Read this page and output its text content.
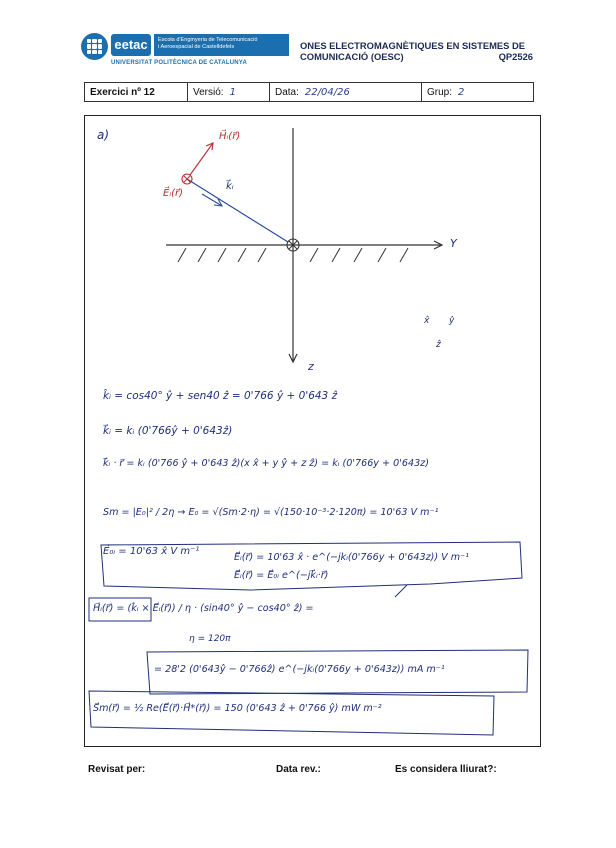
eetac	Escola d'Enginyeria de Telecomunicació
i Aeroespacial de Castelldefels
UNIVERSITAT POLITÈCNICA DE CATALUNYA
ONES ELECTROMAGNÈTIQUES EN SISTEMES DE
COMUNICACIÓ (OESC)	QP2526
Exercici nº 12	Versió: 1	Data: 22/04/26	Grup: 2
a)	H⃗ᵢ(r⃗)
E⃗ᵢ(r⃗)
k⃗ᵢ
Y
z
x̂ ŷ
ẑ
k̂ᵢ = cos40° ŷ + sen40 ẑ = 0'766 ŷ + 0'643 ẑ
k⃗ᵢ = kᵢ (0'766ŷ + 0'643ẑ)
k⃗ᵢ · r⃗ = kᵢ (0'766 ŷ + 0'643 ẑ)(x x̂ + y ŷ + z ẑ) = kᵢ (0'766y + 0'643z)
Sm = |E₀|² / 2η → E₀ = √(Sm·2·η) = √(150·10⁻³·2·120π) = 10'63 V m⁻¹
E⃗₀ᵢ = 10'63 x̂ V m⁻¹
E⃗ᵢ(r⃗) = 10'63 x̂ · e^(−jkᵢ(0'766y + 0'643z)) V m⁻¹
E⃗ᵢ(r⃗) = E⃗₀ᵢ e^(−jk⃗ᵢ·r⃗)
H⃗ᵢ(r⃗) = (k̂ᵢ × E⃗ᵢ(r⃗)) / η · (sin40° ŷ − cos40° ẑ) =
η = 120π
= 28'2 (0'643ŷ − 0'766ẑ) e^(−jkᵢ(0'766y + 0'643z)) mA m⁻¹
S⃗m(r⃗) = ½ Re(E⃗(r⃗)·H⃗*(r⃗)) = 150 (0'643 ẑ + 0'766 ŷ) mW m⁻²
Revisat per:	Data rev.:	Es considera lliurat?:
